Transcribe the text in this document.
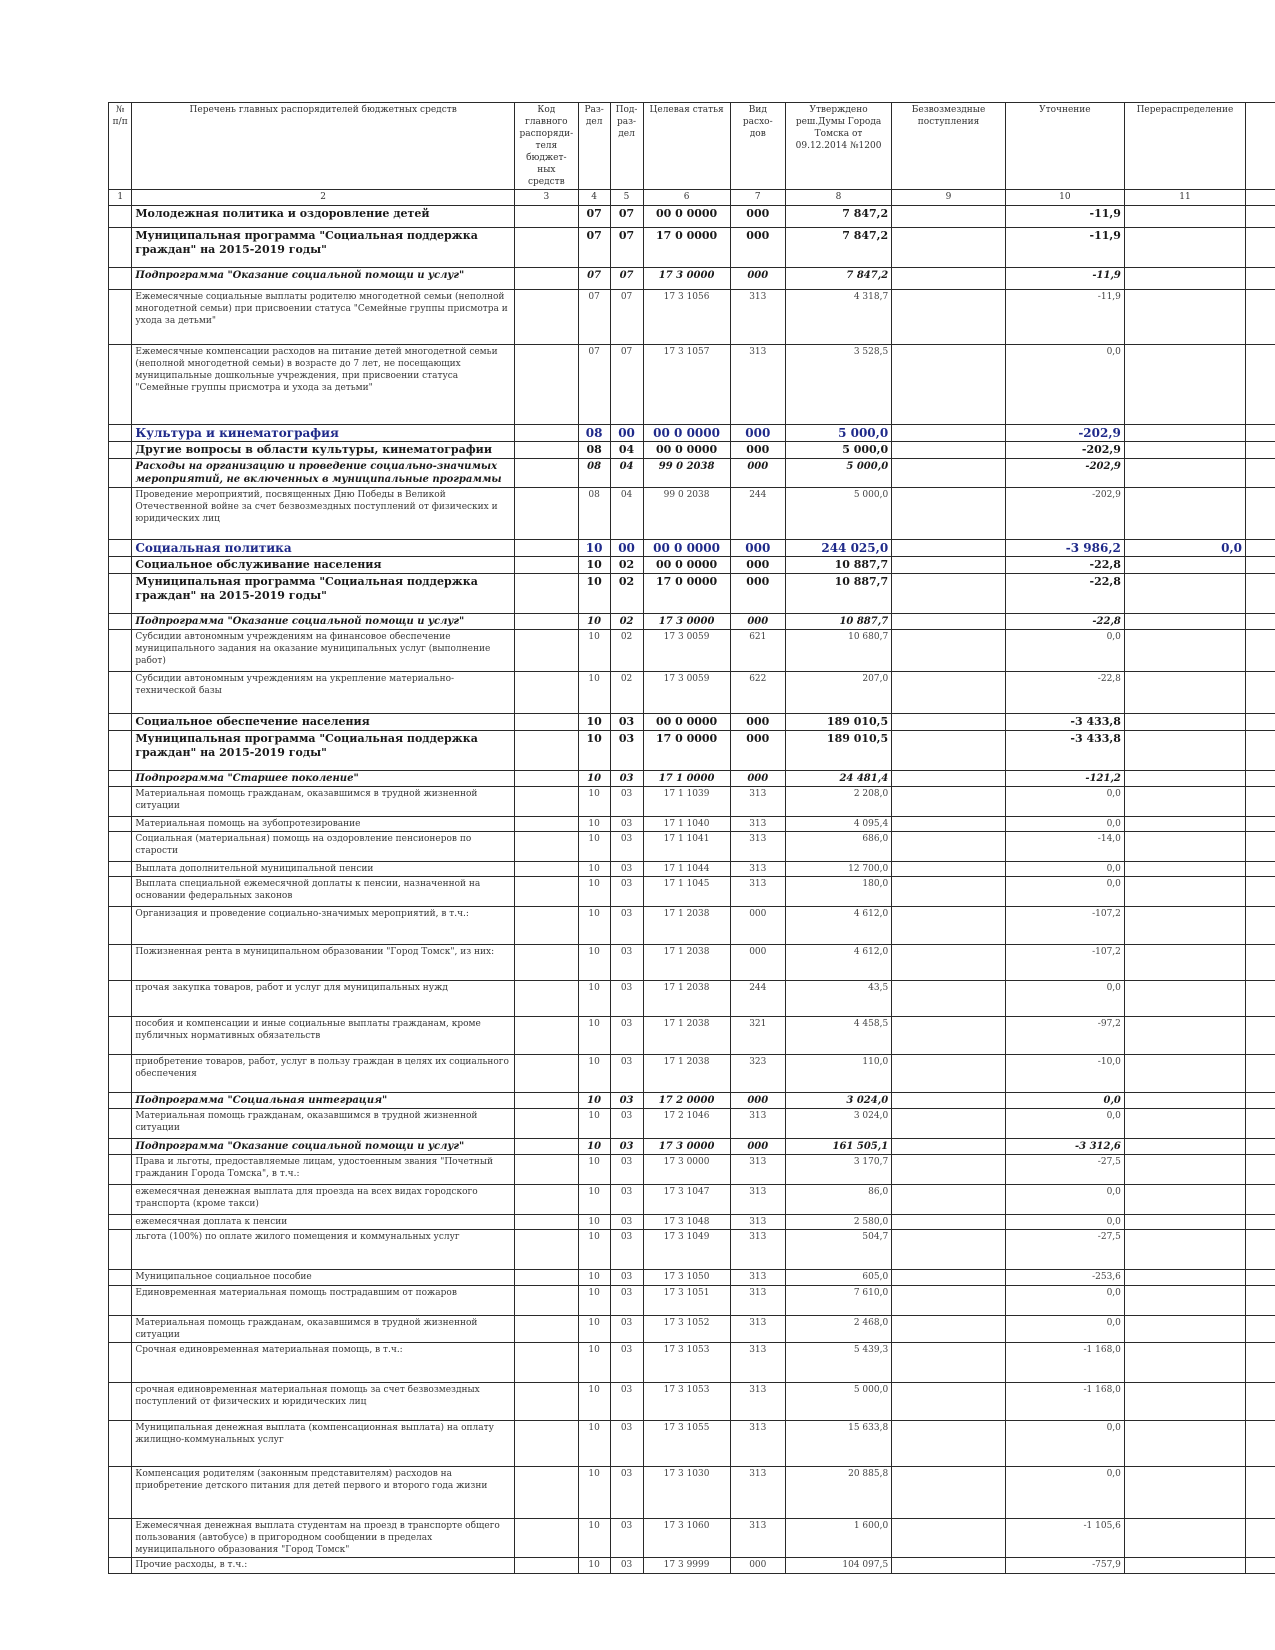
№ п/п	Перечень главных распорядителей бюджетных средств	Код главного распоряди- теля бюджет- ных средств	Раз- дел	Под- раз- дел	Целевая статья	Вид расхо- дов	Утверждено реш.Думы Города Томска от 09.12.2014 №1200	Безвозмездные поступления	Уточнение	Перераспределение	
1	2	3	4	5	6	7	8	9	10	11	
	Молодежная политика и оздоровление детей		07	07	00 0 0000	000	7 847,2		-11,9		
	Муниципальная программа "Социальная поддержка граждан" на 2015-2019 годы"		07	07	17 0 0000	000	7 847,2		-11,9		
	Подпрограмма "Оказание социальной помощи и услуг"		07	07	17 3 0000	000	7 847,2		-11,9		
	Ежемесячные социальные выплаты родителю многодетной семьи (неполной многодетной семьи) при присвоении статуса "Семейные группы присмотра и ухода за детьми"		07	07	17 3 1056	313	4 318,7		-11,9		
	Ежемесячные компенсации расходов на питание детей многодетной семьи (неполной многодетной семьи) в возрасте до 7 лет, не посещающих муниципальные дошкольные учреждения, при присвоении статуса "Семейные группы присмотра и ухода за детьми"		07	07	17 3 1057	313	3 528,5		0,0		
	Культура и кинематография		08	00	00 0 0000	000	5 000,0		-202,9		
	Другие вопросы в области культуры, кинематографии		08	04	00 0 0000	000	5 000,0		-202,9		
	Расходы на организацию и проведение социально-значимых мероприятий, не включенных в муниципальные программы		08	04	99 0 2038	000	5 000,0		-202,9		
	Проведение мероприятий, посвященных Дню Победы в Великой Отечественной войне за счет безвозмездных поступлений от физических и юридических лиц		08	04	99 0 2038	244	5 000,0		-202,9		
	Социальная политика		10	00	00 0 0000	000	244 025,0		-3 986,2	0,0	
	Социальное обслуживание населения		10	02	00 0 0000	000	10 887,7		-22,8		
	Муниципальная программа "Социальная поддержка граждан" на 2015-2019 годы"		10	02	17 0 0000	000	10 887,7		-22,8		
	Подпрограмма "Оказание социальной помощи и услуг"		10	02	17 3 0000	000	10 887,7		-22,8		
	Субсидии автономным учреждениям на финансовое обеспечение муниципального задания на оказание муниципальных услуг (выполнение работ)		10	02	17 3 0059	621	10 680,7		0,0		
	Субсидии автономным учреждениям на укрепление материально-технической базы		10	02	17 3 0059	622	207,0		-22,8		
	Социальное обеспечение населения		10	03	00 0 0000	000	189 010,5		-3 433,8		
	Муниципальная программа "Социальная поддержка граждан" на 2015-2019 годы"		10	03	17 0 0000	000	189 010,5		-3 433,8		
	Подпрограмма "Старшее поколение"		10	03	17 1 0000	000	24 481,4		-121,2		
	Материальная помощь гражданам, оказавшимся в трудной жизненной ситуации		10	03	17 1 1039	313	2 208,0		0,0		
	Материальная помощь на зубопротезирование		10	03	17 1 1040	313	4 095,4		0,0		
	Социальная (материальная) помощь на оздоровление пенсионеров по старости		10	03	17 1 1041	313	686,0		-14,0		
	Выплата дополнительной муниципальной пенсии		10	03	17 1 1044	313	12 700,0		0,0		
	Выплата специальной ежемесячной доплаты к пенсии, назначенной на основании федеральных законов		10	03	17 1 1045	313	180,0		0,0		
	Организация и проведение социально-значимых мероприятий, в т.ч.:		10	03	17 1 2038	000	4 612,0		-107,2		
	Пожизненная рента в муниципальном образовании "Город Томск", из них:		10	03	17 1 2038	000	4 612,0		-107,2		
	прочая закупка товаров, работ и услуг для муниципальных нужд		10	03	17 1 2038	244	43,5		0,0		
	пособия и компенсации и иные социальные выплаты гражданам, кроме публичных нормативных обязательств		10	03	17 1 2038	321	4 458,5		-97,2		
	приобретение товаров, работ, услуг в пользу граждан в целях их социального обеспечения		10	03	17 1 2038	323	110,0		-10,0		
	Подпрограмма "Социальная интеграция"		10	03	17 2 0000	000	3 024,0		0,0		
	Материальная помощь гражданам, оказавшимся в трудной жизненной ситуации		10	03	17 2 1046	313	3 024,0		0,0		
	Подпрограмма "Оказание социальной помощи и услуг"		10	03	17 3 0000	000	161 505,1		-3 312,6		
	Права и льготы, предоставляемые лицам, удостоенным звания "Почетный гражданин Города Томска", в т.ч.:		10	03	17 3 0000	313	3 170,7		-27,5		
	ежемесячная денежная выплата для проезда на всех видах городского транспорта (кроме такси)		10	03	17 3 1047	313	86,0		0,0		
	ежемесячная доплата к пенсии		10	03	17 3 1048	313	2 580,0		0,0		
	льгота (100%) по оплате жилого помещения и коммунальных услуг		10	03	17 3 1049	313	504,7		-27,5		
	Муниципальное социальное пособие		10	03	17 3 1050	313	605,0		-253,6		
	Единовременная материальная помощь пострадавшим от пожаров		10	03	17 3 1051	313	7 610,0		0,0		
	Материальная помощь гражданам, оказавшимся в трудной жизненной ситуации		10	03	17 3 1052	313	2 468,0		0,0		
	Срочная единовременная материальная помощь, в т.ч.:		10	03	17 3 1053	313	5 439,3		-1 168,0		
	срочная единовременная материальная помощь за счет безвозмездных поступлений от физических и юридических лиц		10	03	17 3 1053	313	5 000,0		-1 168,0		
	Муниципальная денежная выплата (компенсационная выплата) на оплату жилищно-коммунальных услуг		10	03	17 3 1055	313	15 633,8		0,0		
	Компенсация родителям (законным представителям) расходов на приобретение детского питания для детей первого и второго года жизни		10	03	17 3 1030	313	20 885,8		0,0		
	Ежемесячная денежная выплата студентам на проезд в транспорте общего пользования (автобусе) в пригородном сообщении в пределах муниципального образования "Город Томск"		10	03	17 3 1060	313	1 600,0		-1 105,6		
	Прочие расходы, в т.ч.:		10	03	17 3 9999	000	104 097,5		-757,9		
